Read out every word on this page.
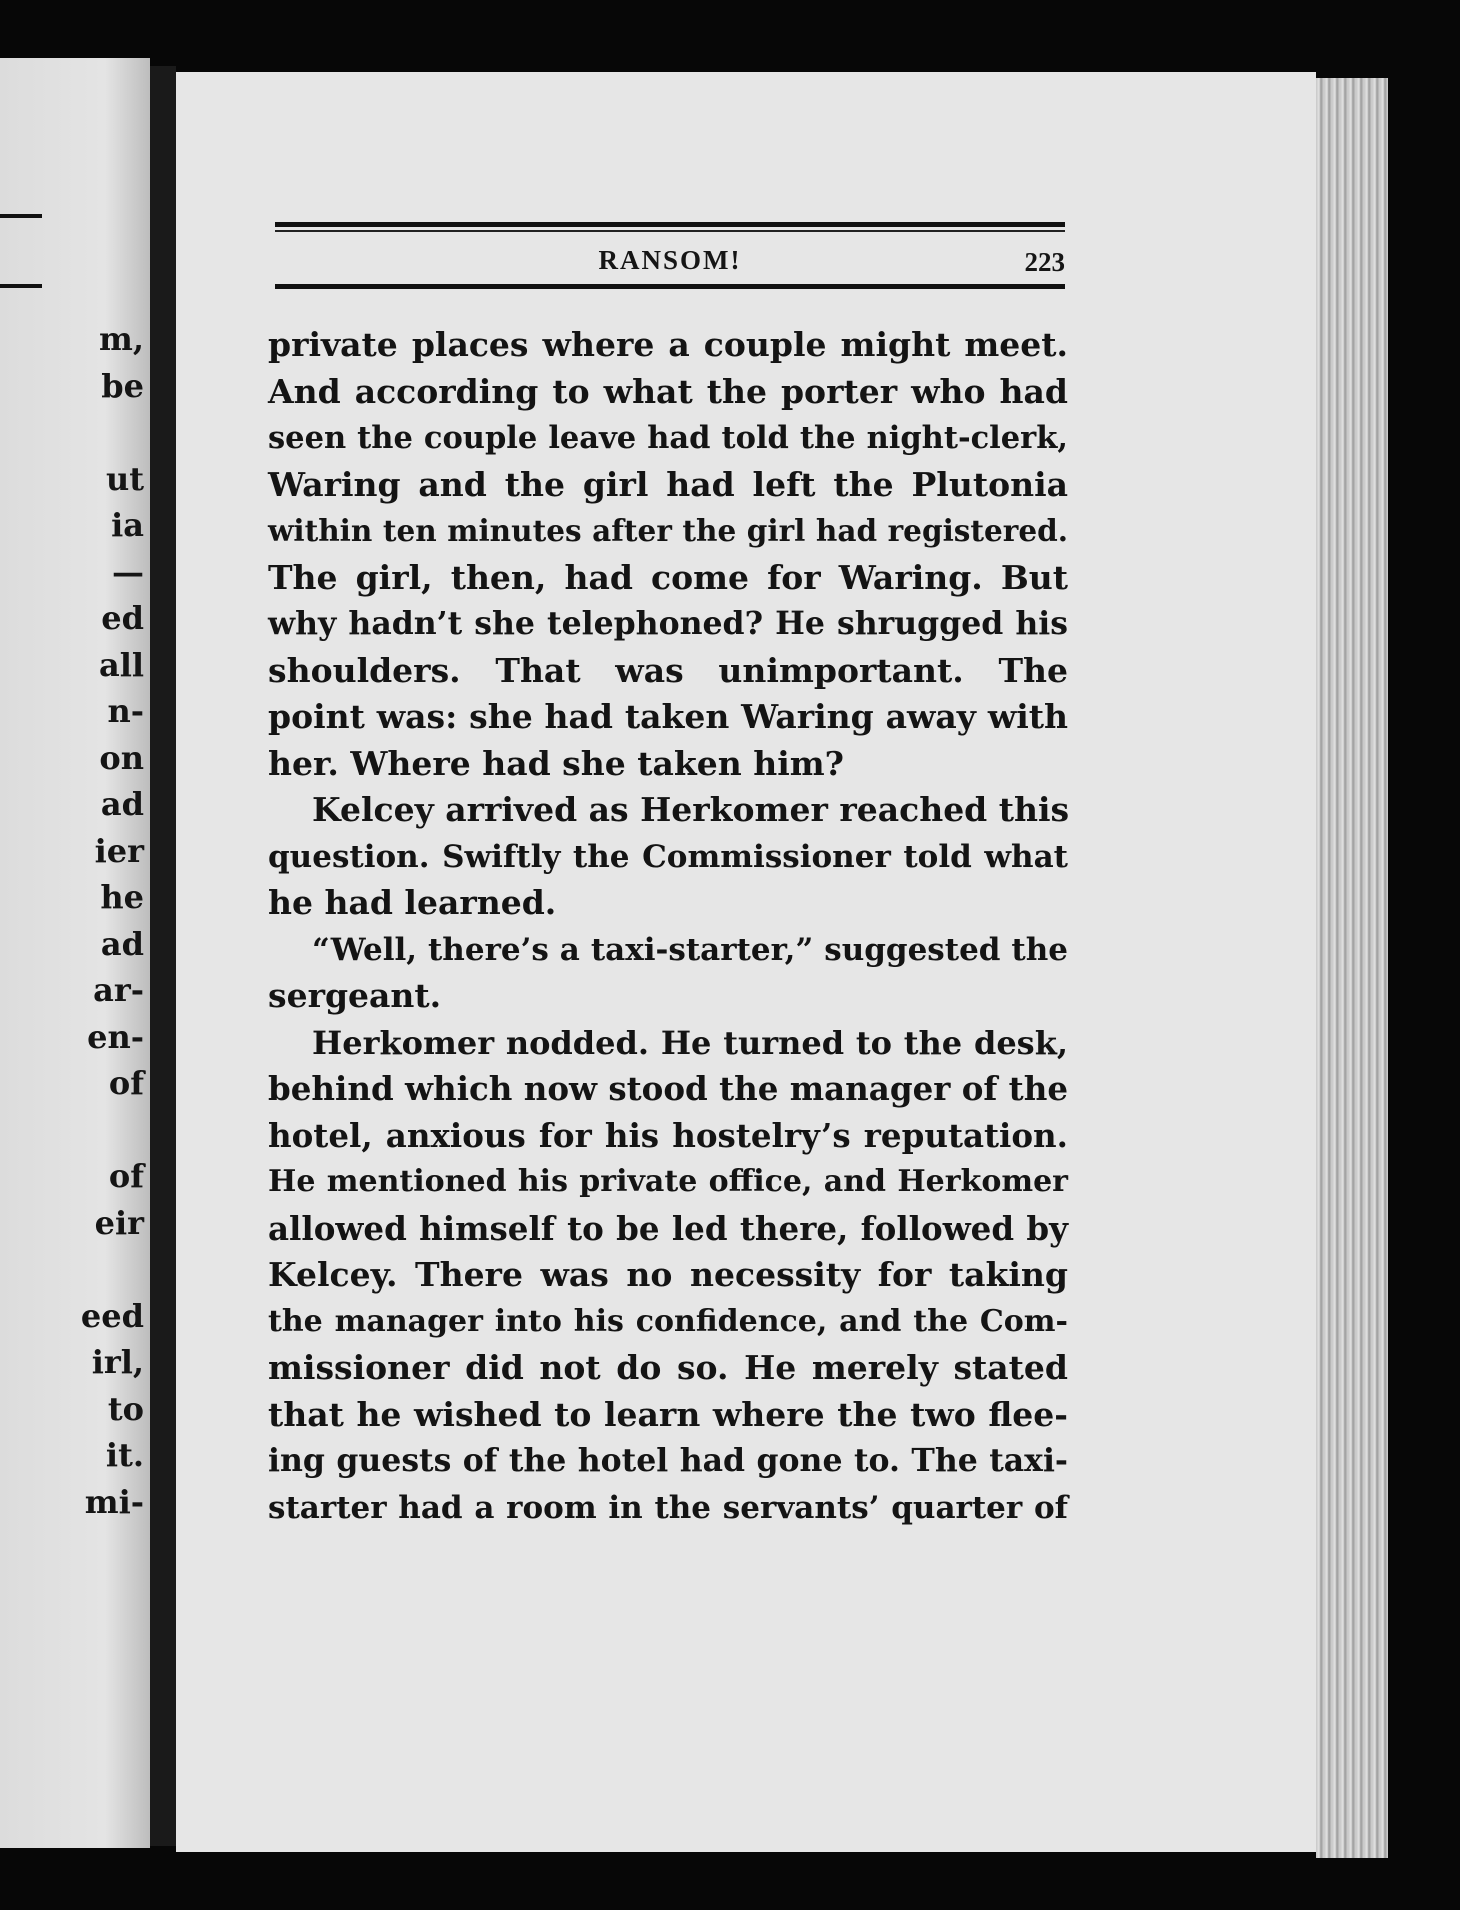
m,
be
ut
ia
—
ed
all
n-
on
ad
ier
he
ad
ar-
en-
of
of
eir
eed
irl,
to
it.
mi-
RANSOM!	223
private places where a couple might meet.
And according to what the porter who had
seen the couple leave had told the night-clerk,
Waring and the girl had left the Plutonia
within ten minutes after the girl had registered.
The girl, then, had come for Waring. But
why hadn’t she telephoned? He shrugged his
shoulders. That was unimportant. The
point was: she had taken Waring away with
her. Where had she taken him?
Kelcey arrived as Herkomer reached this
question. Swiftly the Commissioner told what
he had learned.
“Well, there’s a taxi-starter,” suggested the
sergeant.
Herkomer nodded. He turned to the desk,
behind which now stood the manager of the
hotel, anxious for his hostelry’s reputation.
He mentioned his private office, and Herkomer
allowed himself to be led there, followed by
Kelcey. There was no necessity for taking
the manager into his confidence, and the Com-
missioner did not do so. He merely stated
that he wished to learn where the two flee-
ing guests of the hotel had gone to. The taxi-
starter had a room in the servants’ quarter of
